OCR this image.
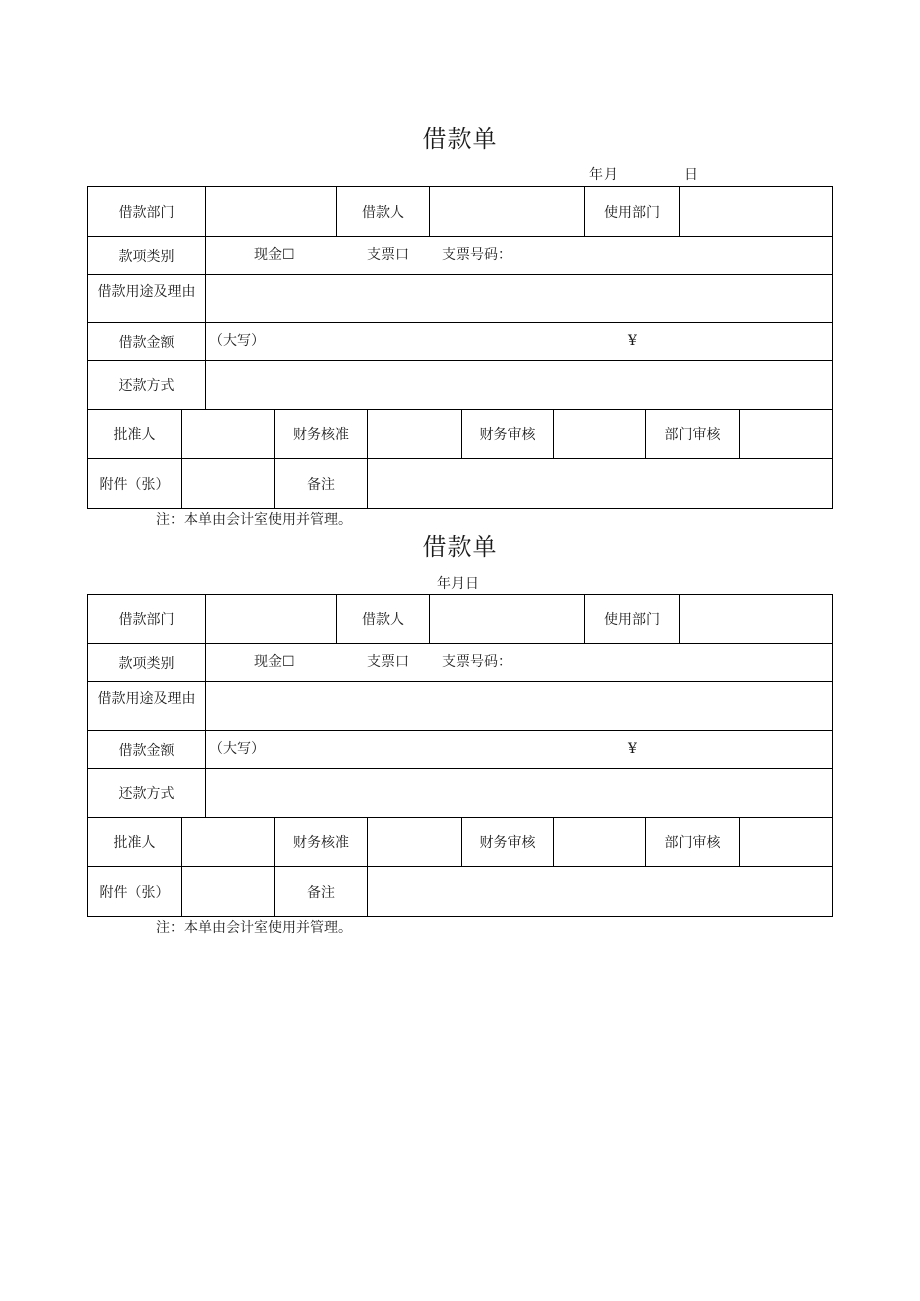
借款单
年 月	日
借款部门	借款人	使用部门
款项类别	现金☐	支票口 支票号码：
借款用途及理由
借款金额	（大写）	¥
还款方式
批准人	财务核准	财务审核	部门审核
附件（张）	备注
注：本单由会计室使用并管理。
借款单
年月日
借款部门	借款人	使用部门
款项类别	现金☐	支票口 支票号码：
借款用途及理由
借款金额	（大写）	¥
还款方式
批准人	财务核准	财务审核	部门审核
附件（张）	备注
注：本单由会计室使用并管理。
